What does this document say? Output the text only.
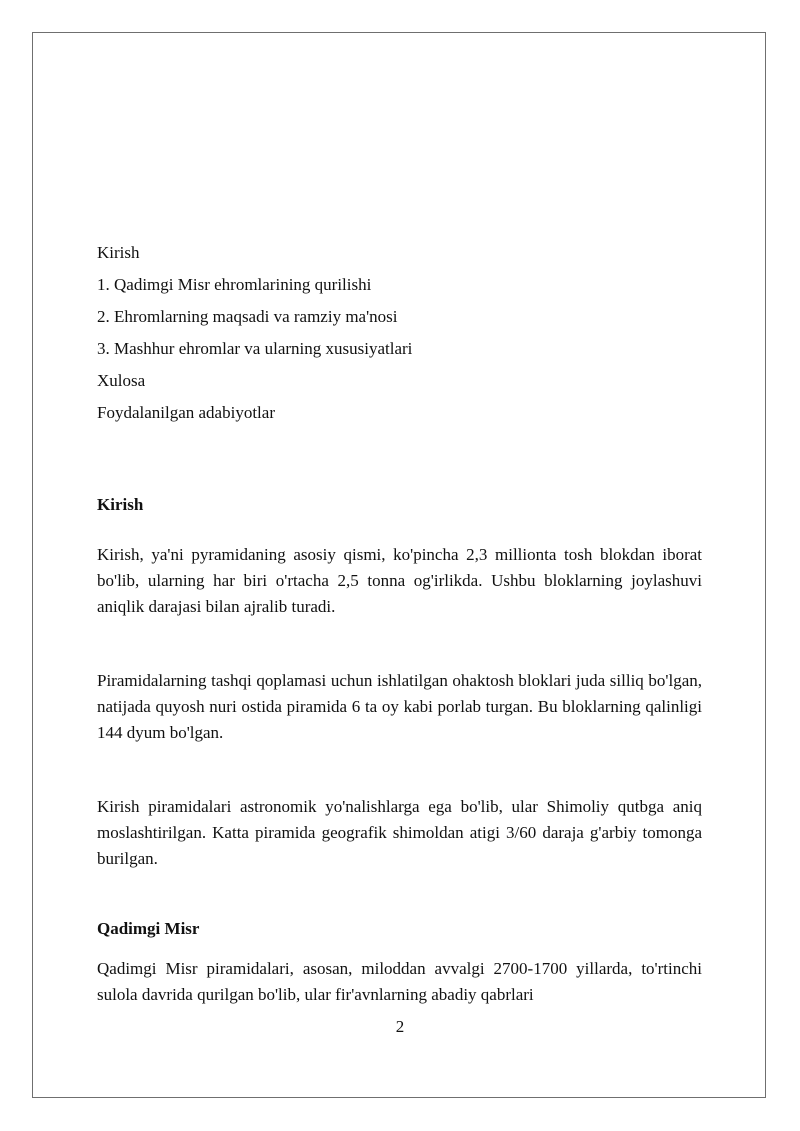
Kirish

1. Qadimgi Misr ehromlarining qurilishi

2. Ehromlarning maqsadi va ramziy ma'nosi

3. Mashhur ehromlar va ularning xususiyatlari

Xulosa

Foydalanilgan adabiyotlar

Kirish

Kirish, ya'ni pyramidaning asosiy qismi, ko'pincha 2,3 millionta tosh blokdan iborat bo'lib, ularning har biri o'rtacha 2,5 tonna og'irlikda. Ushbu bloklarning joylashuvi aniqlik darajasi bilan ajralib turadi.

Piramidalarning tashqi qoplamasi uchun ishlatilgan ohaktosh bloklari juda silliq bo'lgan, natijada quyosh nuri ostida piramida 6 ta oy kabi porlab turgan. Bu bloklarning qalinligi 144 dyum bo'lgan.

Kirish piramidalari astronomik yo'nalishlarga ega bo'lib, ular Shimoliy qutbga aniq moslashtirilgan. Katta piramida geografik shimoldan atigi 3/60 daraja g'arbiy tomonga burilgan.

Qadimgi Misr

Qadimgi Misr piramidalari, asosan, miloddan avvalgi 2700-1700 yillarda, to'rtinchi sulola davrida qurilgan bo'lib, ular fir'avnlarning abadiy qabrlari

2
